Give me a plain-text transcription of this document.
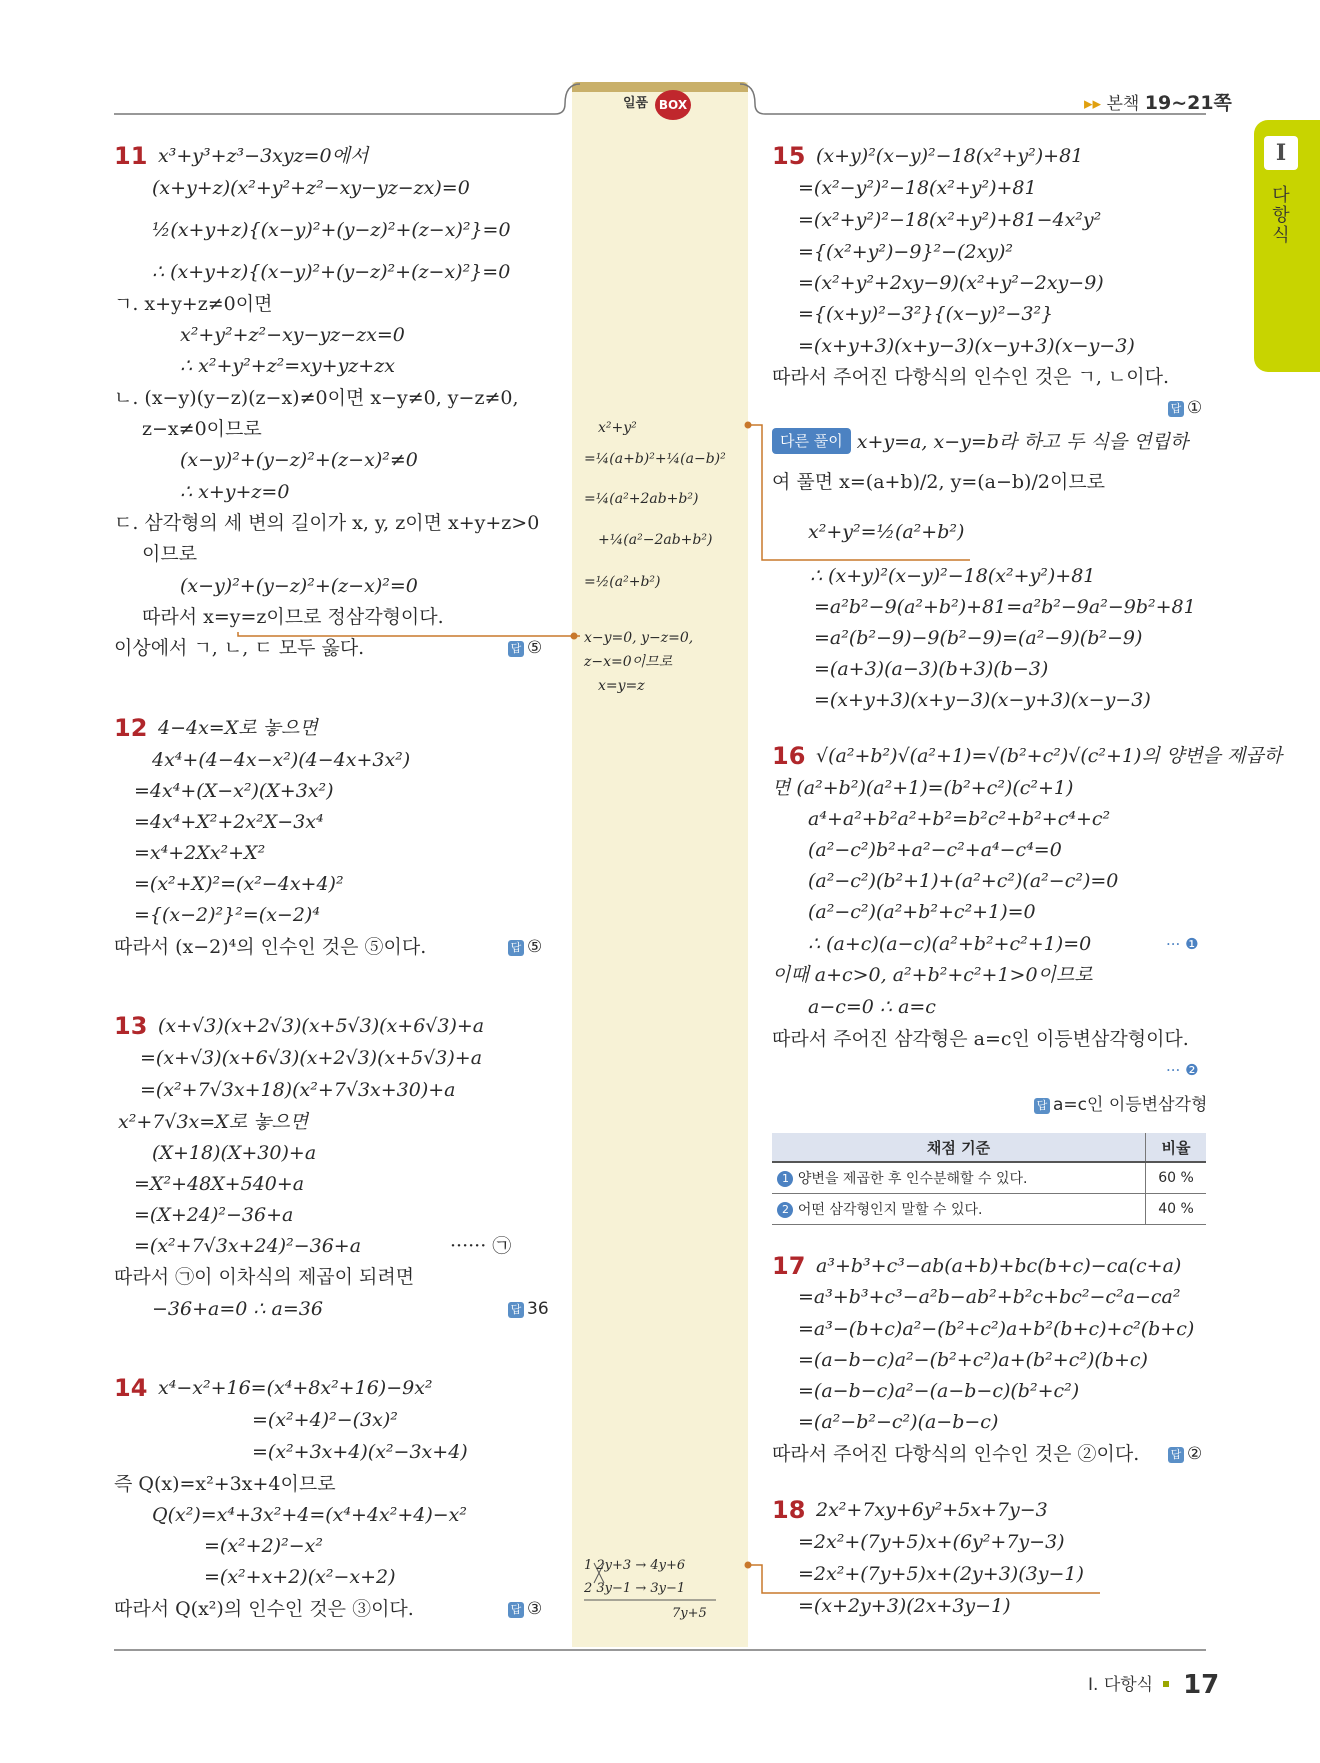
일품 BOX	▸▸ 본책 19~21쪽
I
다항식
11 x³+y³+z³−3xyz=0에서
(x+y+z)(x²+y²+z²−xy−yz−zx)=0
½(x+y+z){(x−y)²+(y−z)²+(z−x)²}=0
∴ (x+y+z){(x−y)²+(y−z)²+(z−x)²}=0
ㄱ. x+y+z≠0이면
x²+y²+z²−xy−yz−zx=0
∴ x²+y²+z²=xy+yz+zx
ㄴ. (x−y)(y−z)(z−x)≠0이면 x−y≠0, y−z≠0,
z−x≠0이므로
(x−y)²+(y−z)²+(z−x)²≠0
∴ x+y+z=0
ㄷ. 삼각형의 세 변의 길이가 x, y, z이면 x+y+z>0
이므로
(x−y)²+(y−z)²+(z−x)²=0
따라서 x=y=z이므로 정삼각형이다.
이상에서 ㄱ, ㄴ, ㄷ 모두 옳다.	답 ⑤
12 4−4x=X로 놓으면
4x⁴+(4−4x−x²)(4−4x+3x²)
=4x⁴+(X−x²)(X+3x²)
=4x⁴+X²+2x²X−3x⁴
=x⁴+2Xx²+X²
=(x²+X)²=(x²−4x+4)²
={(x−2)²}²=(x−2)⁴
따라서 (x−2)⁴의 인수인 것은 ⑤이다.	답 ⑤
13 (x+√3)(x+2√3)(x+5√3)(x+6√3)+a
=(x+√3)(x+6√3)(x+2√3)(x+5√3)+a
=(x²+7√3x+18)(x²+7√3x+30)+a
x²+7√3x=X로 놓으면
(X+18)(X+30)+a
=X²+48X+540+a
=(X+24)²−36+a
=(x²+7√3x+24)²−36+a	······ ㉠
따라서 ㉠이 이차식의 제곱이 되려면
−36+a=0 ∴ a=36	답 36
14 x⁴−x²+16=(x⁴+8x²+16)−9x²
=(x²+4)²−(3x)²
=(x²+3x+4)(x²−3x+4)
즉 Q(x)=x²+3x+4이므로
Q(x²)=x⁴+3x²+4=(x⁴+4x²+4)−x²
=(x²+2)²−x²
=(x²+x+2)(x²−x+2)
따라서 Q(x²)의 인수인 것은 ③이다.	답 ③
x²+y²
=¼(a+b)²+¼(a−b)²
=¼(a²+2ab+b²)
+¼(a²−2ab+b²)
=½(a²+b²)
x−y=0, y−z=0,
z−x=0이므로
x=y=z
1 2y+3 → 4y+6
2 3y−1 → 3y−1
7y+5
15 (x+y)²(x−y)²−18(x²+y²)+81
=(x²−y²)²−18(x²+y²)+81
=(x²+y²)²−18(x²+y²)+81−4x²y²
={(x²+y²)−9}²−(2xy)²
=(x²+y²+2xy−9)(x²+y²−2xy−9)
={(x+y)²−3²}{(x−y)²−3²}
=(x+y+3)(x+y−3)(x−y+3)(x−y−3)
따라서 주어진 다항식의 인수인 것은 ㄱ, ㄴ이다.
답 ①
다른 풀이 x+y=a, x−y=b라 하고 두 식을 연립하
여 풀면 x=(a+b)/2, y=(a−b)/2이므로
x²+y²=½(a²+b²)
∴ (x+y)²(x−y)²−18(x²+y²)+81
=a²b²−9(a²+b²)+81=a²b²−9a²−9b²+81
=a²(b²−9)−9(b²−9)=(a²−9)(b²−9)
=(a+3)(a−3)(b+3)(b−3)
=(x+y+3)(x+y−3)(x−y+3)(x−y−3)
16 √(a²+b²)√(a²+1)=√(b²+c²)√(c²+1)의 양변을 제곱하
면 (a²+b²)(a²+1)=(b²+c²)(c²+1)
a⁴+a²+b²a²+b²=b²c²+b²+c⁴+c²
(a²−c²)b²+a²−c²+a⁴−c⁴=0
(a²−c²)(b²+1)+(a²+c²)(a²−c²)=0
(a²−c²)(a²+b²+c²+1)=0
∴ (a+c)(a−c)(a²+b²+c²+1)=0	··· ❶
이때 a+c>0, a²+b²+c²+1>0이므로
a−c=0 ∴ a=c
따라서 주어진 삼각형은 a=c인 이등변삼각형이다.
··· ❷
답 a=c인 이등변삼각형
채점 기준	비율
1 양변을 제곱한 후 인수분해할 수 있다.	60 %
2 어떤 삼각형인지 말할 수 있다.	40 %
17 a³+b³+c³−ab(a+b)+bc(b+c)−ca(c+a)
=a³+b³+c³−a²b−ab²+b²c+bc²−c²a−ca²
=a³−(b+c)a²−(b²+c²)a+b²(b+c)+c²(b+c)
=(a−b−c)a²−(b²+c²)a+(b²+c²)(b+c)
=(a−b−c)a²−(a−b−c)(b²+c²)
=(a²−b²−c²)(a−b−c)
따라서 주어진 다항식의 인수인 것은 ②이다.	답 ②
18 2x²+7xy+6y²+5x+7y−3
=2x²+(7y+5)x+(6y²+7y−3)
=2x²+(7y+5)x+(2y+3)(3y−1)
=(x+2y+3)(2x+3y−1)
I. 다항식 17
